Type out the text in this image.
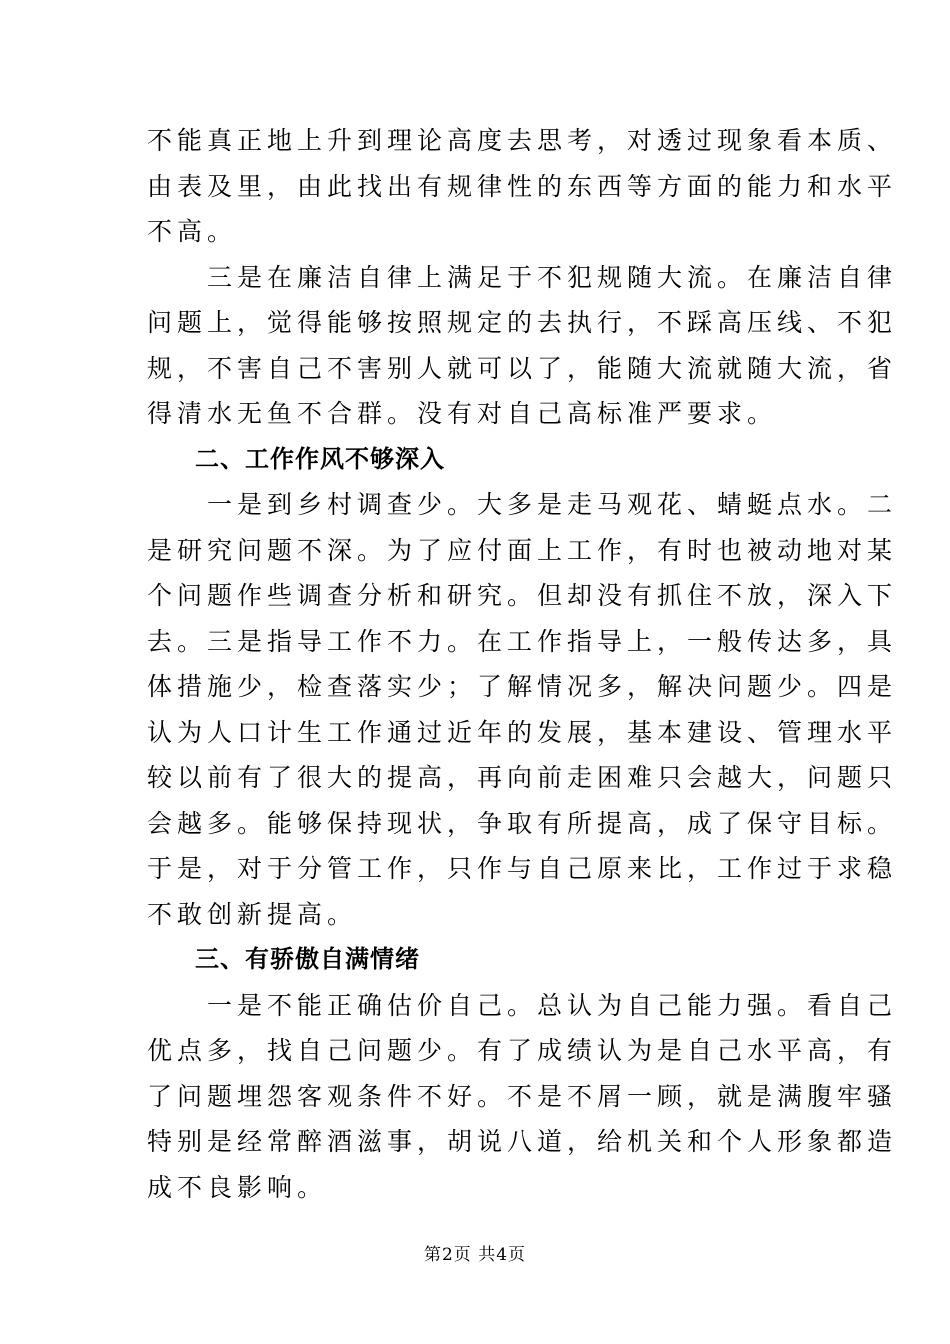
不能真正地上升到理论高度去思考，对透过现象看本质、
由表及里，由此找出有规律性的东西等方面的能力和水平
不高。
　　三是在廉洁自律上满足于不犯规随大流。在廉洁自律
问题上，觉得能够按照规定的去执行，不踩高压线、不犯
规，不害自己不害别人就可以了，能随大流就随大流，省
得清水无鱼不合群。没有对自己高标准严要求。
二、工作作风不够深入
　　一是到乡村调查少。大多是走马观花、蜻蜓点水。二
是研究问题不深。为了应付面上工作，有时也被动地对某
个问题作些调查分析和研究。但却没有抓住不放，深入下
去。三是指导工作不力。在工作指导上，一般传达多，具
体措施少，检查落实少；了解情况多，解决问题少。四是
认为人口计生工作通过近年的发展，基本建设、管理水平
较以前有了很大的提高，再向前走困难只会越大，问题只
会越多。能够保持现状，争取有所提高，成了保守目标。
于是，对于分管工作，只作与自己原来比，工作过于求稳
不敢创新提高。
三、有骄傲自满情绪
　　一是不能正确估价自己。总认为自己能力强。看自己
优点多，找自己问题少。有了成绩认为是自己水平高，有
了问题埋怨客观条件不好。不是不屑一顾，就是满腹牢骚
特别是经常醉酒滋事，胡说八道，给机关和个人形象都造
成不良影响。
第2页 共4页
